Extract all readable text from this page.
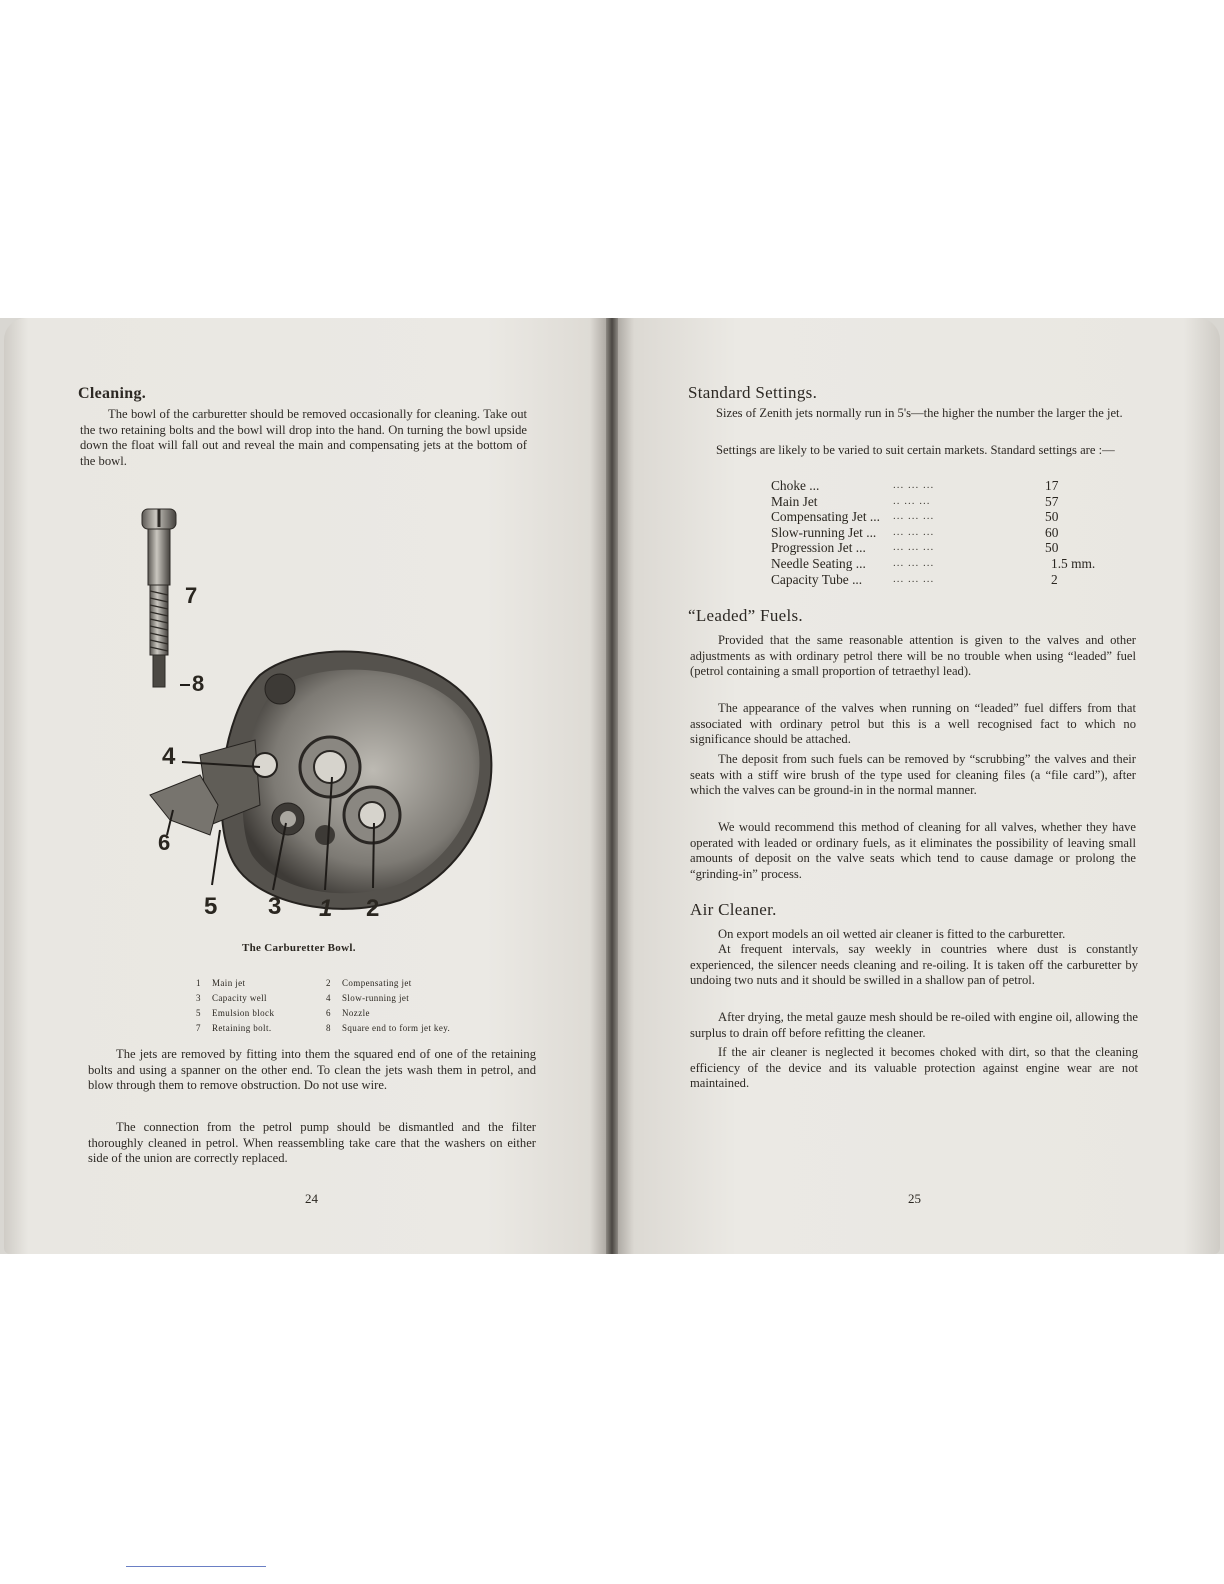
Cleaning.

The bowl of the carburetter should be removed occasionally for cleaning. Take out the two retaining bolts and the bowl will drop into the hand. On turning the bowl upside down the float will fall out and reveal the main and compensating jets at the bottom of the bowl.

7
8
4
6
5 3 1 2
The Carburetter Bowl.
1	Main jet	2	Compensating jet
3	Capacity well	4	Slow-running jet
5	Emulsion block	6	Nozzle
7	Retaining bolt.	8	Square end to form jet key.

The jets are removed by fitting into them the squared end of one of the retaining bolts and using a spanner on the other end. To clean the jets wash them in petrol, and blow through them to remove obstruction. Do not use wire.

The connection from the petrol pump should be dismantled and the filter thoroughly cleaned in petrol. When reassembling take care that the washers on either side of the union are correctly replaced.

24
Standard Settings.

Sizes of Zenith jets normally run in 5's—the higher the number the larger the jet.

Settings are likely to be varied to suit certain markets. Standard settings are :—

Choke ...	... ... ...	17
Main Jet	.. ... ...	57
Compensating Jet ...	... ... ...	50
Slow-running Jet ...	... ... ...	60
Progression Jet ...	... ... ...	50
Needle Seating ...	... ... ...	1.5 mm.
Capacity Tube ...	... ... ...	2
“Leaded” Fuels.

Provided that the same reasonable attention is given to the valves and other adjustments as with ordinary petrol there will be no trouble when using “leaded” fuel (petrol containing a small proportion of tetraethyl lead).

The appearance of the valves when running on “leaded” fuel differs from that associated with ordinary petrol but this is a well recognised fact to which no significance should be attached.

The deposit from such fuels can be removed by “scrubbing” the valves and their seats with a stiff wire brush of the type used for cleaning files (a “file card”), after which the valves can be ground-in in the normal manner.

We would recommend this method of cleaning for all valves, whether they have operated with leaded or ordinary fuels, as it eliminates the possibility of leaving small amounts of deposit on the valve seats which tend to cause damage or prolong the “grinding-in” process.

Air Cleaner.

On export models an oil wetted air cleaner is fitted to the carburetter.

At frequent intervals, say weekly in countries where dust is constantly experienced, the silencer needs cleaning and re-oiling. It is taken off the carburetter by undoing two nuts and it should be swilled in a shallow pan of petrol.

After drying, the metal gauze mesh should be re-oiled with engine oil, allowing the surplus to drain off before refitting the cleaner.

If the air cleaner is neglected it becomes choked with dirt, so that the cleaning efficiency of the device and its valuable protection against engine wear are not maintained.

25
